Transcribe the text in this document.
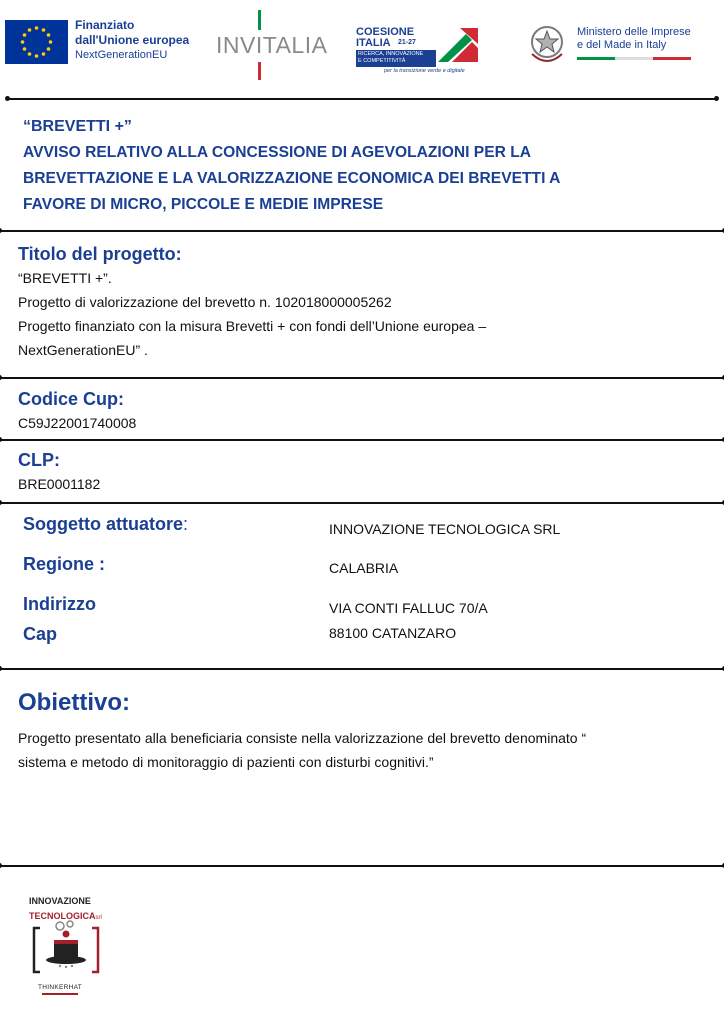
Finanziato
dall'Unione europea
NextGenerationEU	INVITALIA	COESIONE
ITALIA 21-27
RICERCA, INNOVAZIONE
E COMPETITIVITÀ
per la transizione verde e digitale
Ministero delle Imprese
e del Made in Italy
“BREVETTI +”
AVVISO RELATIVO ALLA CONCESSIONE DI AGEVOLAZIONI PER LA
BREVETTAZIONE E LA VALORIZZAZIONE ECONOMICA DEI BREVETTI A
FAVORE DI MICRO, PICCOLE E MEDIE IMPRESE
Titolo del progetto:
“BREVETTI +”.
Progetto di valorizzazione del brevetto n. 102018000005262
Progetto finanziato con la misura Brevetti + con fondi dell’Unione europea –
NextGenerationEU” .
Codice Cup:
C59J22001740008
CLP:
BRE0001182
Soggetto attuatore:	INNOVAZIONE TECNOLOGICA SRL
Regione :	CALABRIA
Indirizzo	VIA CONTI FALLUC 70/A
Cap	88100 CATANZARO
Obiettivo:
Progetto presentato alla beneficiaria consiste nella valorizzazione del brevetto denominato “
sistema e metodo di monitoraggio di pazienti con disturbi cognitivi.”
INNOVAZIONE
TECNOLOGICAsrl
THINKERHAT
